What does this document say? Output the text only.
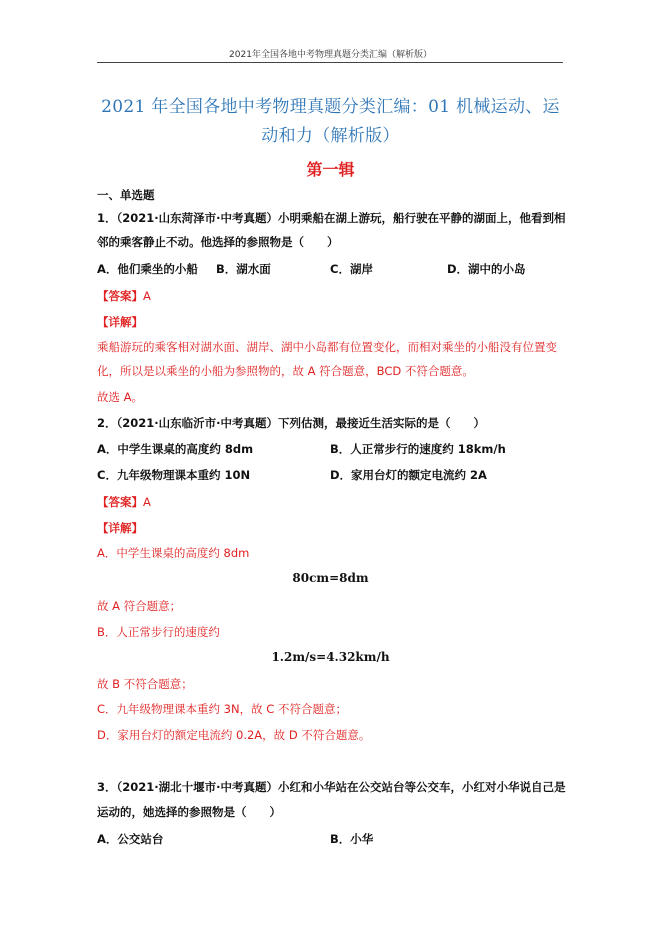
2021年全国各地中考物理真题分类汇编（解析版）
2021 年全国各地中考物理真题分类汇编：01 机械运动、运
动和力（解析版）
第一辑
一、单选题
1．（2021·山东菏泽市·中考真题）小明乘船在湖上游玩，船行驶在平静的湖面上，他看到相
邻的乘客静止不动。他选择的参照物是（　　）
A．他们乘坐的小船 B．湖水面	C．湖岸	D．湖中的小岛
【答案】A
【详解】
乘船游玩的乘客相对湖水面、湖岸、湖中小岛都有位置变化，而相对乘坐的小船没有位置变
化，所以是以乘坐的小船为参照物的，故 A 符合题意，BCD 不符合题意。
故选 A。
2．（2021·山东临沂市·中考真题）下列估测，最接近生活实际的是（　　）
A．中学生课桌的高度约 8dm	B．人正常步行的速度约 18km/h
C．九年级物理课本重约 10N	D．家用台灯的额定电流约 2A
【答案】A
【详解】
A．中学生课桌的高度约 8dm
80cm=8dm
故 A 符合题意；
B．人正常步行的速度约
1.2m/s=4.32km/h
故 B 不符合题意；
C．九年级物理课本重约 3N，故 C 不符合题意；
D．家用台灯的额定电流约 0.2A，故 D 不符合题意。
3．（2021·湖北十堰市·中考真题）小红和小华站在公交站台等公交车，小红对小华说自己是
运动的，她选择的参照物是（　　）
A．公交站台	B．小华
